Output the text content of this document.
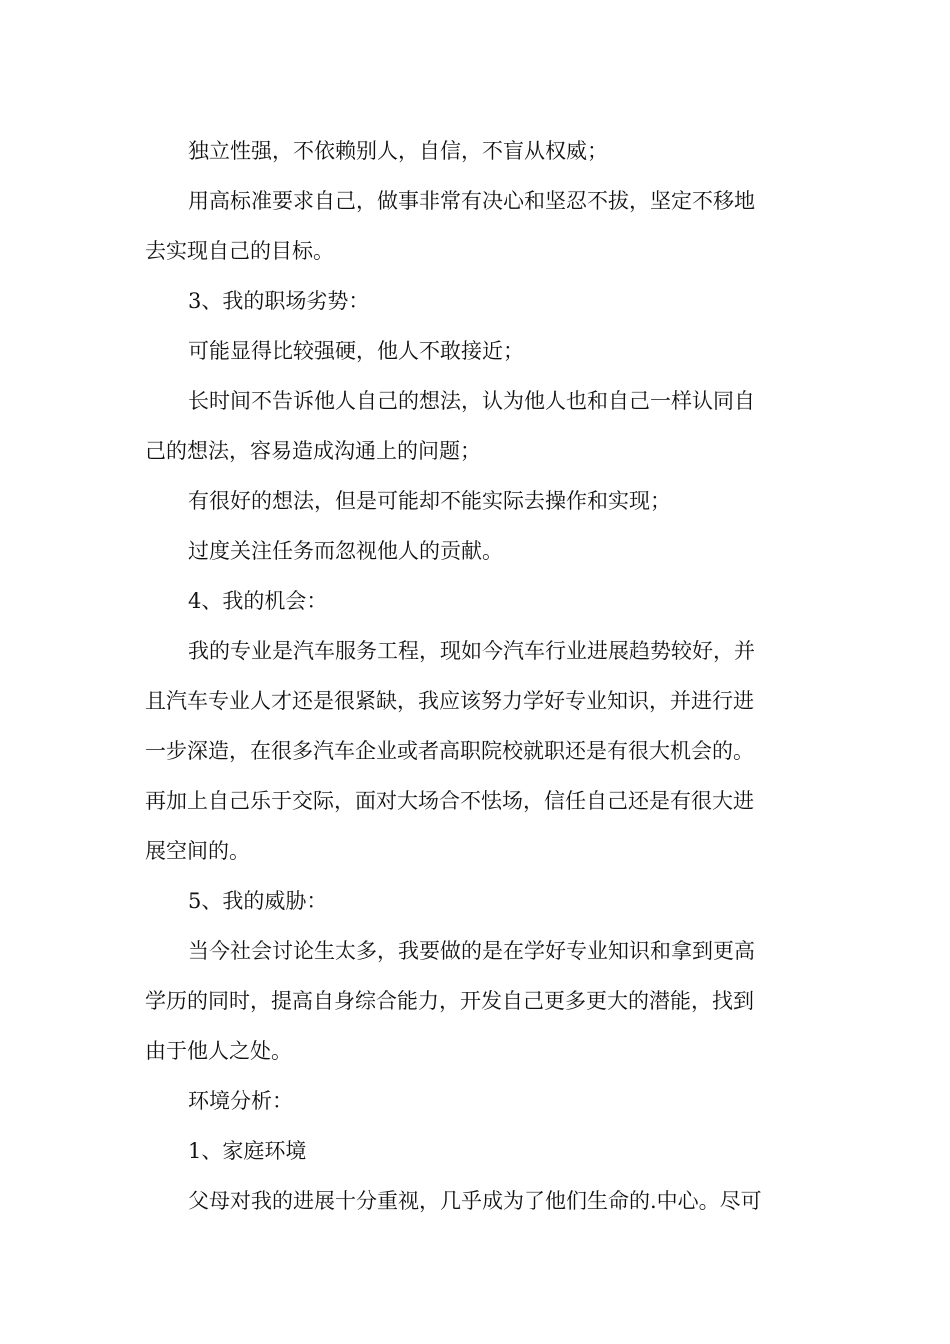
独立性强，不依赖别人，自信，不盲从权威；
用高标准要求自己，做事非常有决心和坚忍不拔，坚定不移地
去实现自己的目标。
3、我的职场劣势：
可能显得比较强硬，他人不敢接近；
长时间不告诉他人自己的想法，认为他人也和自己一样认同自
己的想法，容易造成沟通上的问题；
有很好的想法，但是可能却不能实际去操作和实现；
过度关注任务而忽视他人的贡献。
4、我的机会：
我的专业是汽车服务工程，现如今汽车行业进展趋势较好，并
且汽车专业人才还是很紧缺，我应该努力学好专业知识，并进行进
一步深造，在很多汽车企业或者高职院校就职还是有很大机会的。
再加上自己乐于交际，面对大场合不怯场，信任自己还是有很大进
展空间的。
5、我的威胁：
当今社会讨论生太多，我要做的是在学好专业知识和拿到更高
学历的同时，提高自身综合能力，开发自己更多更大的潜能，找到
由于他人之处。
环境分析：
1、家庭环境
父母对我的进展十分重视，几乎成为了他们生命的.中心。尽可
